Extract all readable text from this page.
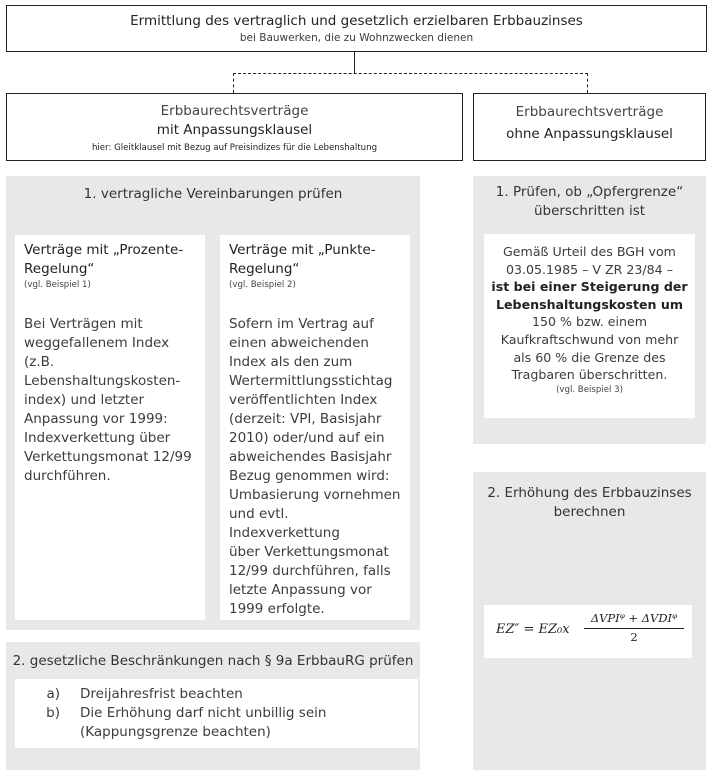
Ermittlung des vertraglich und gesetzlich erzielbaren Erbbauzinses
bei Bauwerken, die zu Wohnzwecken dienen
Erbbaurechtsverträge
mit Anpassungsklausel
hier: Gleitklausel mit Bezug auf Preisindizes für die Lebenshaltung
Erbbaurechtsverträge
ohne Anpassungsklausel
1. vertragliche Vereinbarungen prüfen
Verträge mit „Prozente-
Regelung“
(vgl. Beispiel 1)
Bei Verträgen mit
weggefallenem Index
(z.B.
Lebenshaltungskosten-
index) und letzter
Anpassung vor 1999:
Indexverkettung über
Verkettungsmonat 12/99
durchführen.
Verträge mit „Punkte-
Regelung“
(vgl. Beispiel 2)
Sofern im Vertrag auf
einen abweichenden
Index als den zum
Wertermittlungsstichtag
veröffentlichten Index
(derzeit: VPI, Basisjahr
2010) oder/und auf ein
abweichendes Basisjahr
Bezug genommen wird:
Umbasierung vornehmen
und evtl. Indexverkettung
über Verkettungsmonat
12/99 durchführen, falls
letzte Anpassung vor
1999 erfolgte.
2. gesetzliche Beschränkungen nach § 9a ErbbauRG prüfen
a)	Dreijahresfrist beachten
b)	Die Erhöhung darf nicht unbillig sein
(Kappungsgrenze beachten)
1. Prüfen, ob „Opfergrenze“
überschritten ist
Gemäß Urteil des BGH vom
03.05.1985 – V ZR 23/84 –
ist bei einer Steigerung der
Lebenshaltungskosten um
150 % bzw. einem
Kaufkraftschwund von mehr
als 60 % die Grenze des
Tragbaren überschritten.
(vgl. Beispiel 3)
2. Erhöhung des Erbbauzinses
berechnen
EZ″ = EZ₀x
ΔVPIᵠ + ΔVDIᵠ
2
